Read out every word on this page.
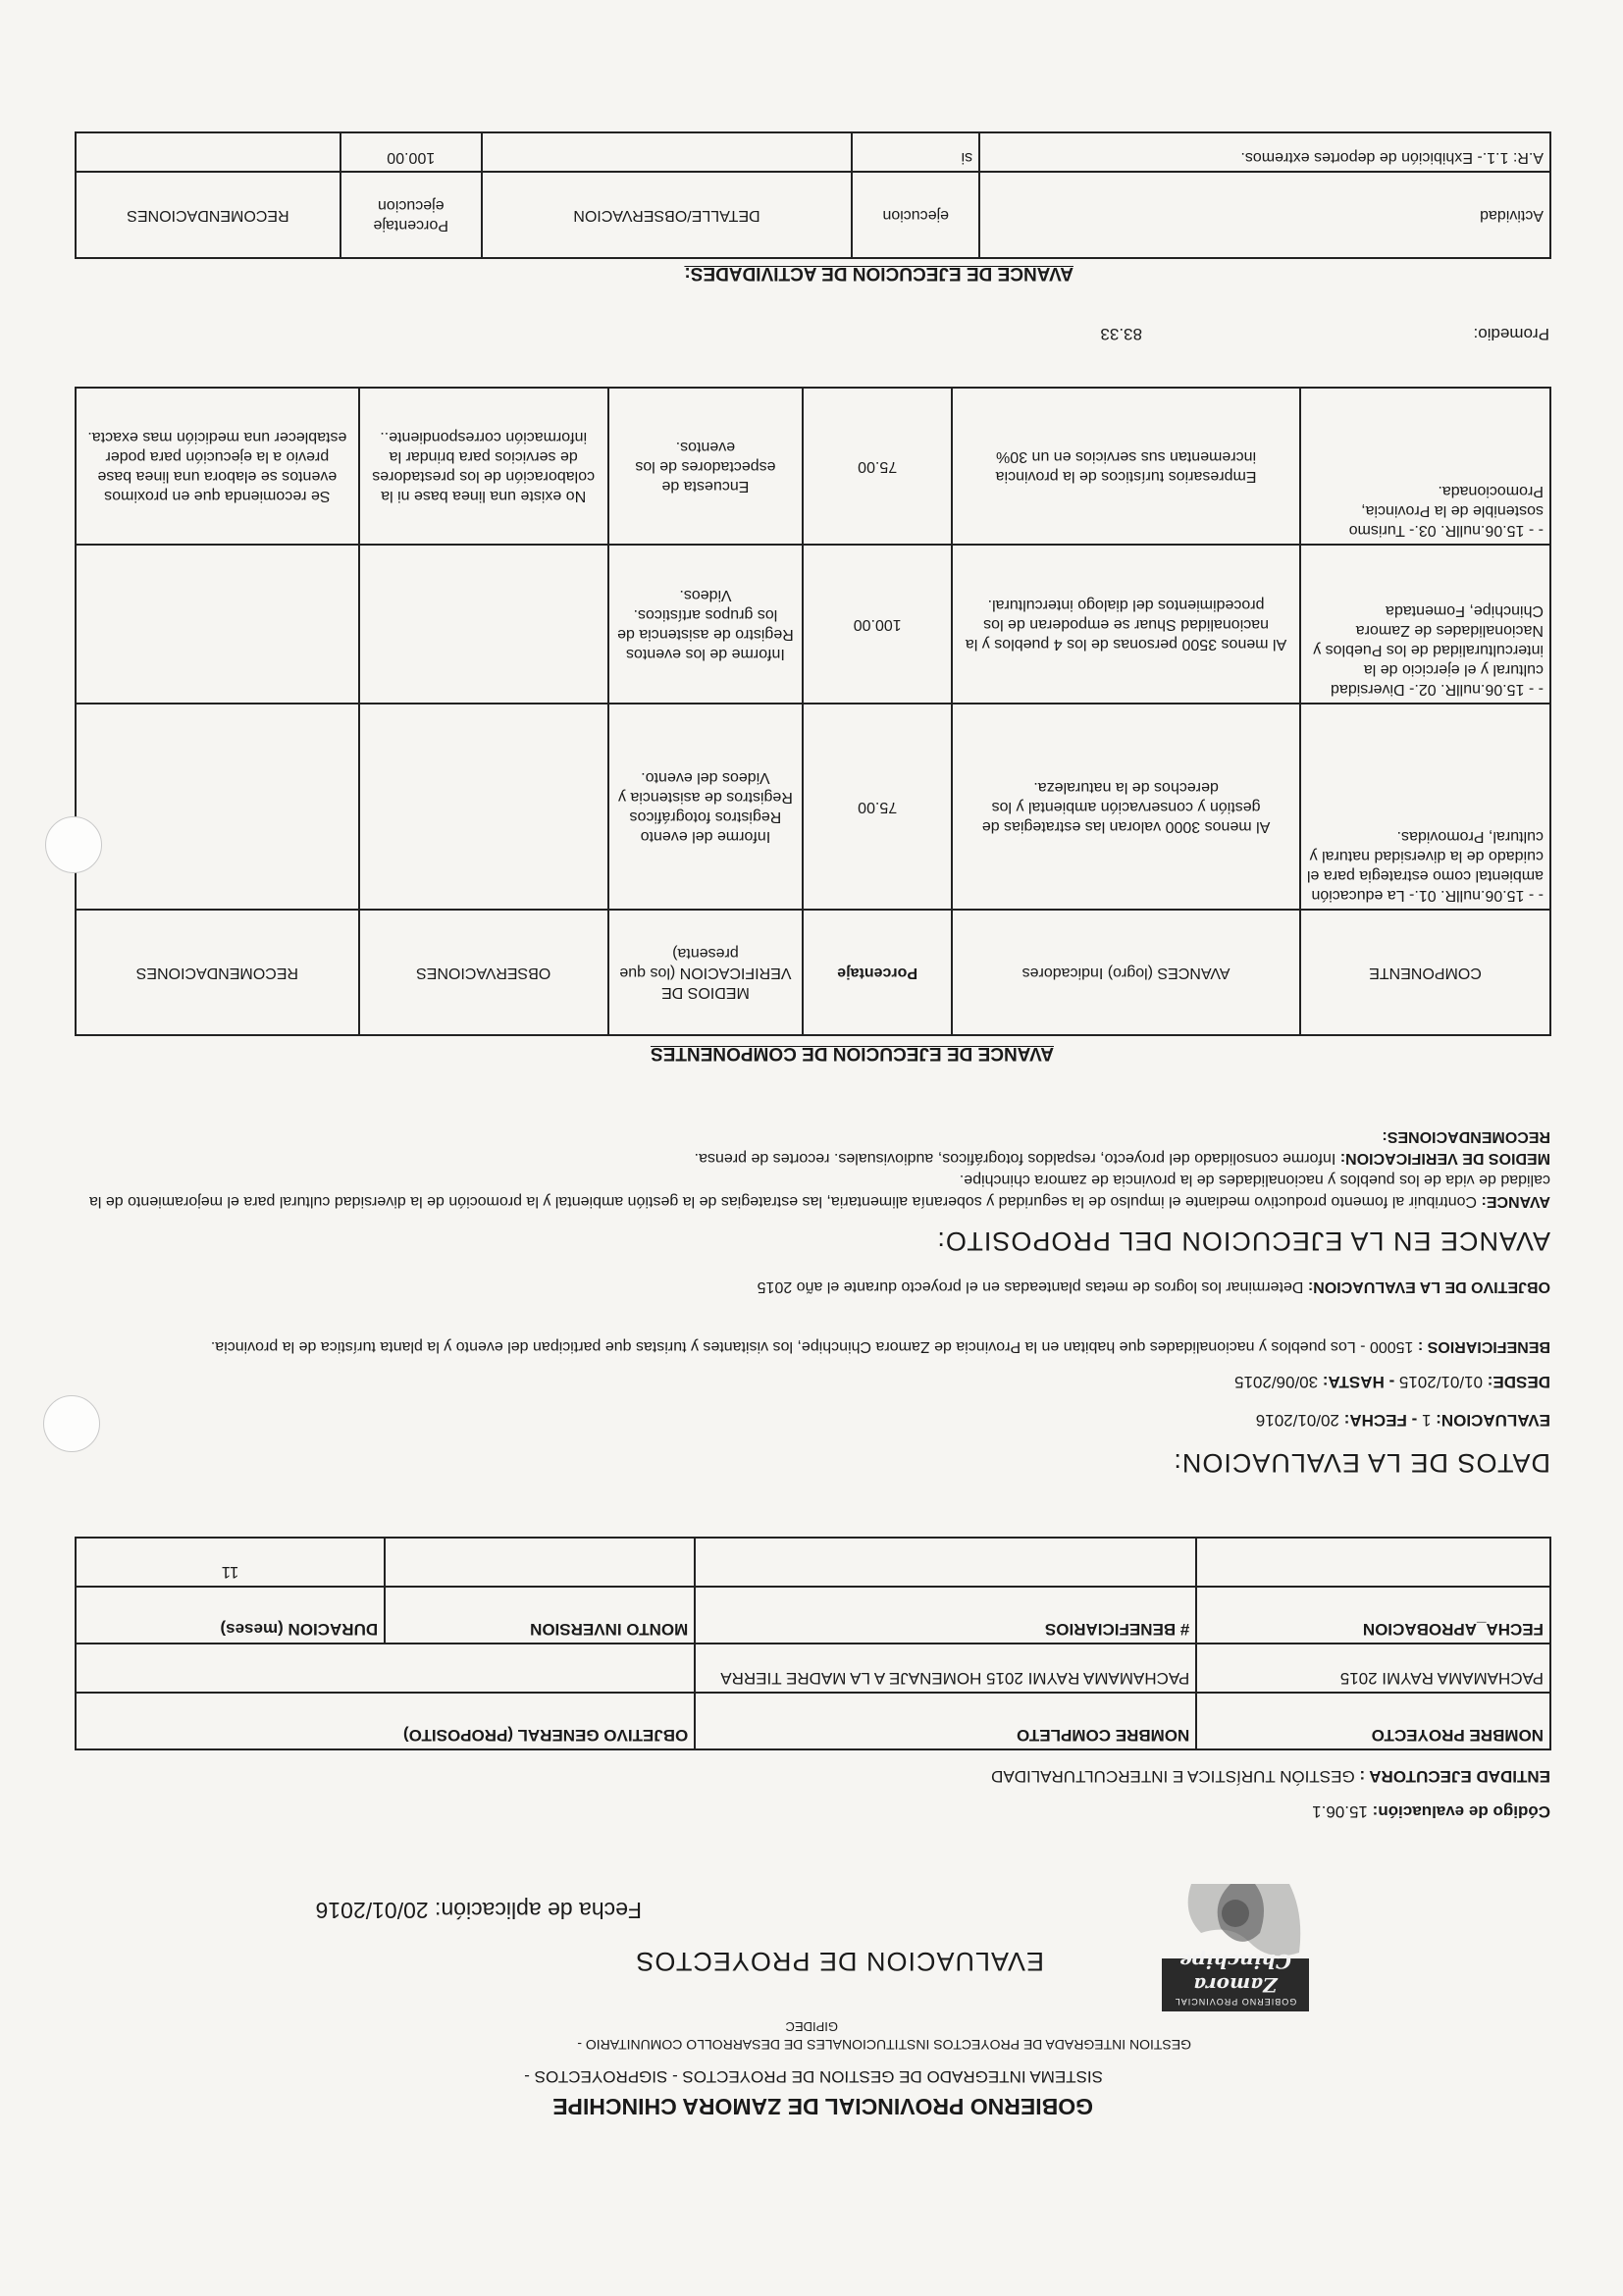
GOBIERNO PROVINCIAL
Zamora Chinchipe
GOBIERNO PROVINCIAL DE ZAMORA CHINCHIPE
SISTEMA INTEGRADO DE GESTION DE PROYECTOS - SIGPROYECTOS -
GESTION INTEGRADA DE PROYECTOS INSTITUCIONALES DE DESARROLLO COMUNITARIO -
GIPIDEC
EVALUACION DE PROYECTOS
Fecha de aplicación: 20/01/2016
Código de evaluación: 15.06.1
ENTIDAD EJECUTORA : GESTIÓN TURÍSTICA E INTERCULTURALIDAD
NOMBRE PROYECTO	NOMBRE COMPLETO	OBJETIVO GENERAL (PROPOSITO)	
PACHAMAMA RAYMI 2015	PACHAMAMA RAYMI 2015 HOMENAJE A LA MADRE TIERRA		
FECHA_APROBACION	# BENEFICIARIOS	MONTO INVERSION	DURACION (meses)
			11
DATOS DE LA EVALUACION:
EVALUACION: 1 - FECHA: 20/01/2016
DESDE: 01/01/2015 - HASTA: 30/06/2015
BENEFICIARIOS : 15000 - Los pueblos y nacionalidades que habitan en la Provincia de Zamora Chinchipe, los visitantes y turistas que participan del evento y la planta turística de la provincia.
OBJETIVO DE LA EVALUACION: Determinar los logros de metas planteadas en el proyecto durante el año 2015
AVANCE EN LA EJECUCION DEL PROPOSITO:
AVANCE: Contribuir al fomento productivo mediante el impulso de la seguridad y soberanía alimentaria, las estrategias de la gestión ambiental y la promoción de la diversidad cultural para el mejoramiento de la calidad de vida de los pueblos y nacionalidades de la provincia de zamora chinchipe.
MEDIOS DE VERIFICACION: Informe consolidado del proyecto, respaldos fotográficos, audiovisuales. recortes de prensa.
RECOMENDACIONES:
AVANCE DE EJECUCION DE COMPONENTES
COMPONENTE	AVANCES (logro) Indicadores	Porcentaje	MEDIOS DE VERIFICACION (los que presenta)	OBSERVACIONES	RECOMENDACIONES
- - 15.06.nullR. 01.- La educación ambiental como estrategia para el cuidado de la diversidad natural y cultural, Promovidas.	Al menos 3000 valoran las estrategias de gestión y conservación ambiental y los derechos de la naturaleza.	75.00	Informe del evento Registros fotográficos Registros de asistencia y Videos del evento.		
- - 15.06.nullR. 02.- Diversidad cultural y el ejercicio de la interculturalidad de los Pueblos y Nacionalidades de Zamora Chinchipe, Fomentada	Al menos 3500 personas de los 4 pueblos y la nacionalidad Shuar se empoderan de los procedimientos del dialogo intercultural.	100.00	Informe de los eventos Registro de asistencia de los grupos artísticos. Videos.		
- - 15.06.nullR. 03.- Turismo sostenible de la Provincia, Promocionada.	Empresarios turísticos de la provincia incrementan sus servicios en un 30%	75.00	Encuesta de espectadores de los eventos.	No existe una linea base ni la colaboración de los prestadores de servicios para brindar la información correspondiente..	Se recomienda que en proximos eventos se elabora una linea base previo a la ejecución para poder establecer una medición mas exacta.
Promedio:
83.33
AVANCE DE EJECUCION DE ACTIVIDADES:
Actividad	ejecucion	DETALLE/OBSERVACION	Porcentaje ejecucion	RECOMENDACIONES
A.R: 1.1.- Exhibición de deportes extremos.	si		100.00	
